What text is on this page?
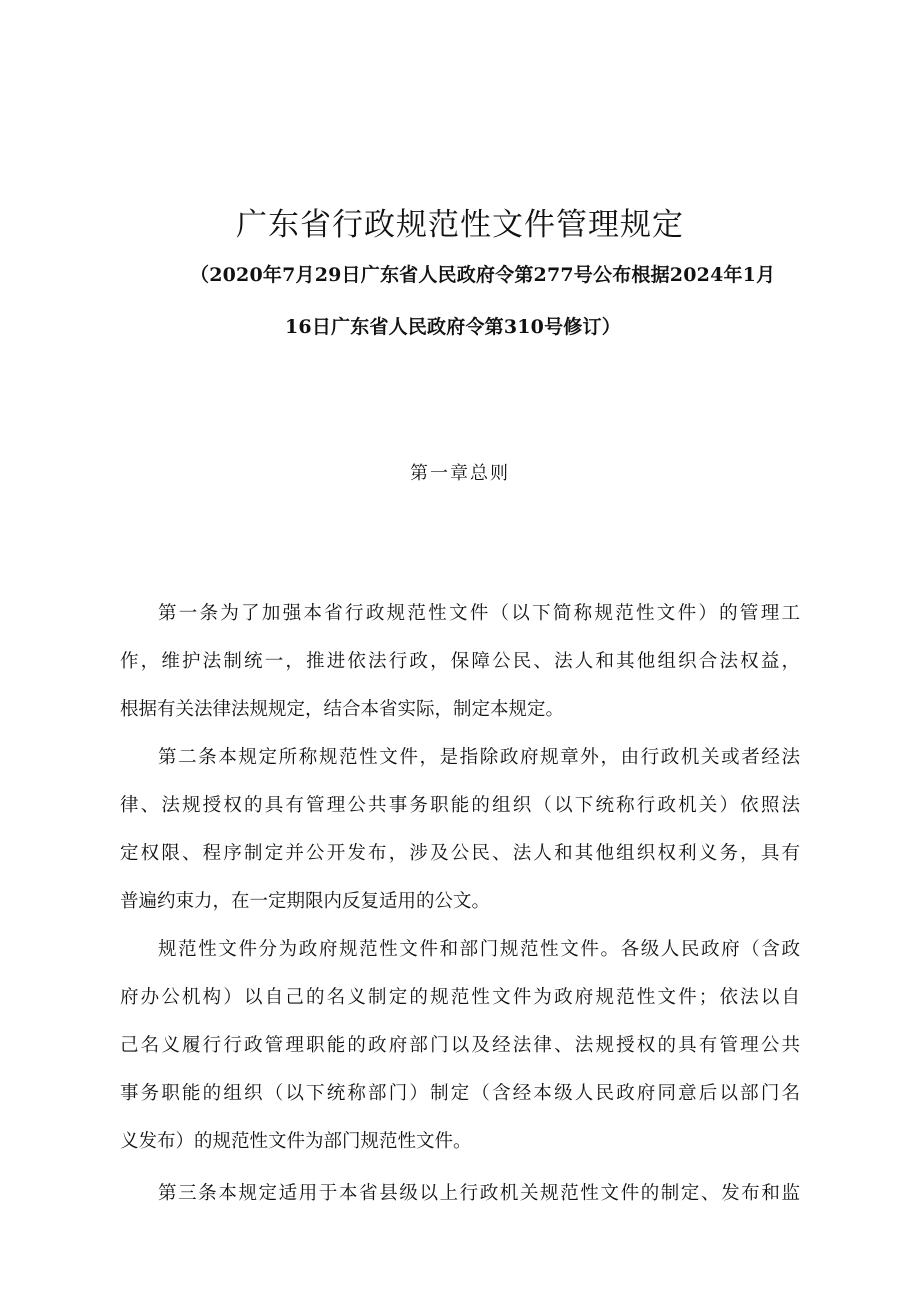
广东省行政规范性文件管理规定
（2020年7月29日广东省人民政府令第277号公布根据2024年1月
16日广东省人民政府令第310号修订）
第一章总则
第一条为了加强本省行政规范性文件（以下简称规范性文件）的管理工
作，维护法制统一，推进依法行政，保障公民、法人和其他组织合法权益，
根据有关法律法规规定，结合本省实际，制定本规定。
第二条本规定所称规范性文件，是指除政府规章外，由行政机关或者经法
律、法规授权的具有管理公共事务职能的组织（以下统称行政机关）依照法
定权限、程序制定并公开发布，涉及公民、法人和其他组织权利义务，具有
普遍约束力，在一定期限内反复适用的公文。
规范性文件分为政府规范性文件和部门规范性文件。各级人民政府（含政
府办公机构）以自己的名义制定的规范性文件为政府规范性文件；依法以自
己名义履行行政管理职能的政府部门以及经法律、法规授权的具有管理公共
事务职能的组织（以下统称部门）制定（含经本级人民政府同意后以部门名
义发布）的规范性文件为部门规范性文件。
第三条本规定适用于本省县级以上行政机关规范性文件的制定、发布和监
